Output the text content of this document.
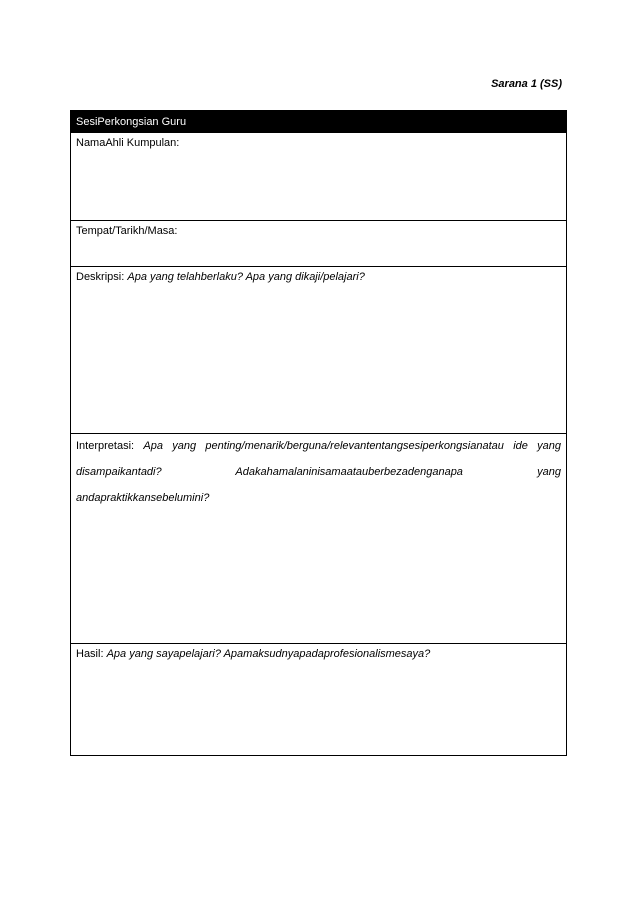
Sarana 1 (SS)
SesiPerkongsian Guru
NamaAhli Kumpulan:
Tempat/Tarikh/Masa:
Deskripsi: Apa yang telahberlaku? Apa yang dikaji/pelajari?

Interpretasi: Apa yang penting/menarik/berguna/relevantentangsesiperkongsianatau ide yang disampaikantadi? Adakahamalaninisamaatauberbezadenganapa yang
andapraktikkansebelumini?

Hasil: Apa yang sayapelajari? Apamaksudnyapadaprofesionalismesaya?
